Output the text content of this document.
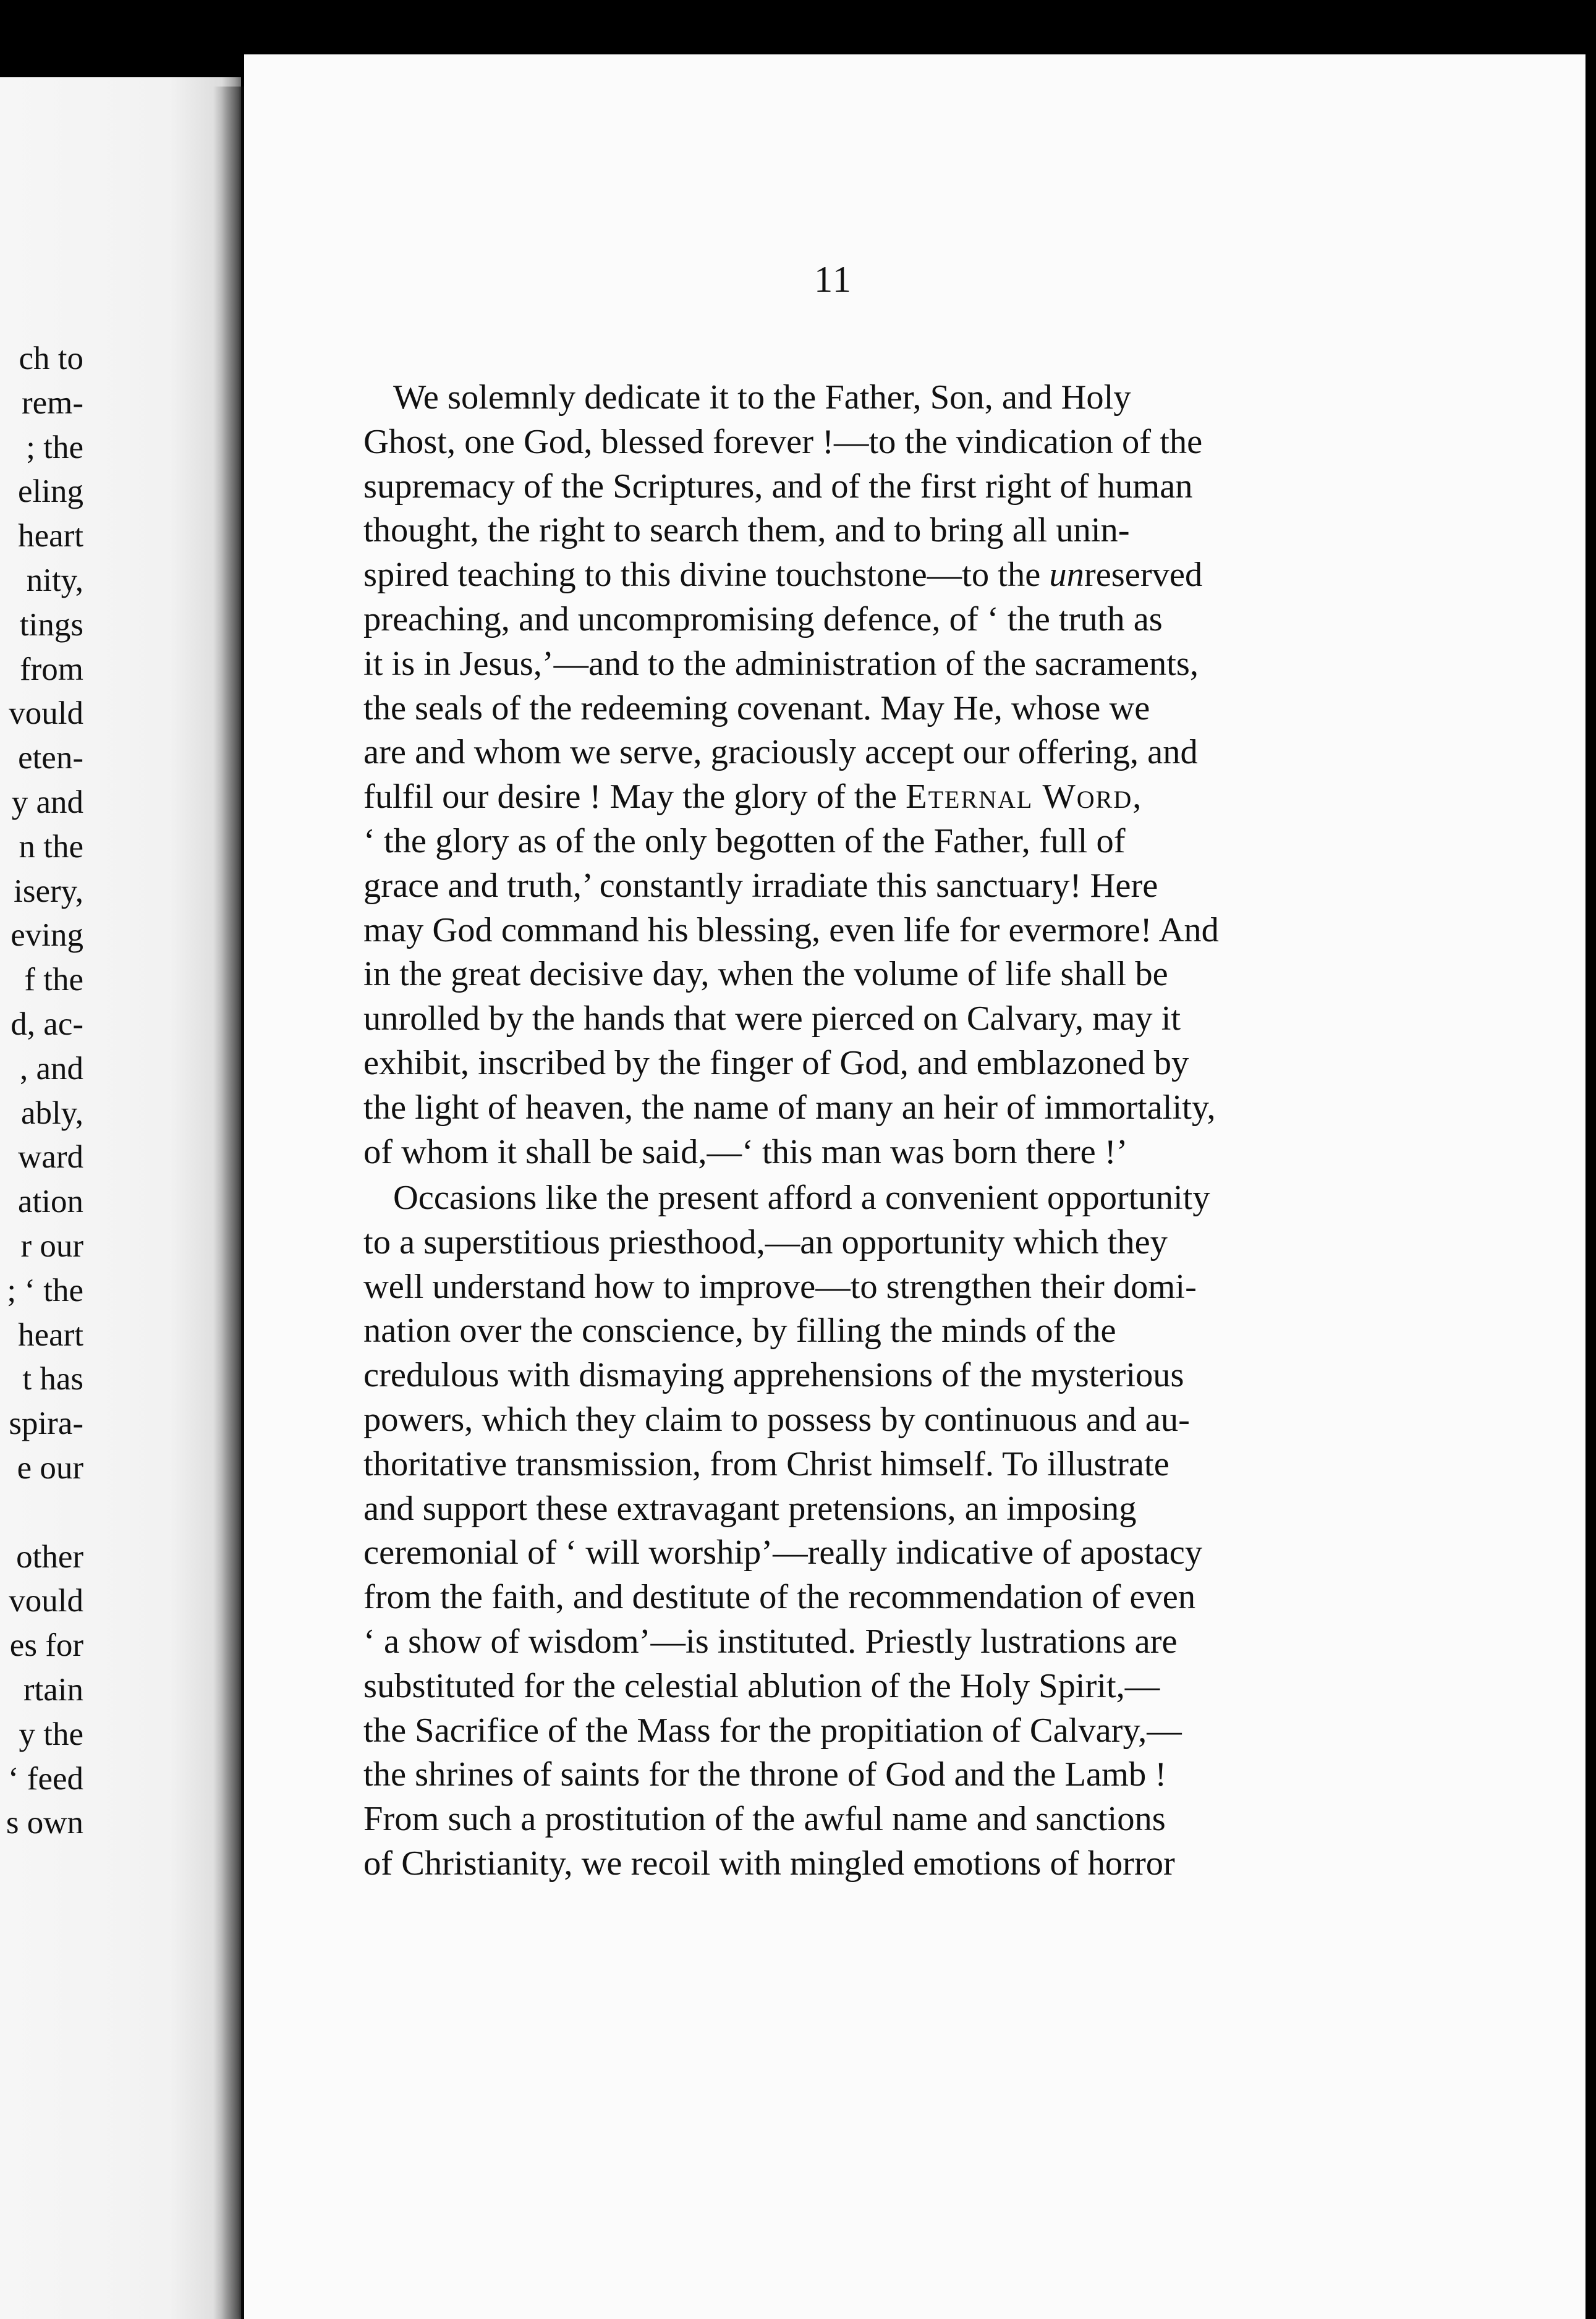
ch to
rem-
; the
eling
heart
nity,
tings
from
vould
eten-
y and
n the
isery,
eving
f the
d, ac-
, and
ably,
ward
ation
r our
; ‘ the
heart
t has
spira-
e our
other
vould
es for
rtain
y the
‘ feed
s own
11
We solemnly dedicate it to the Father, Son, and Holy
Ghost, one God, blessed forever !—to the vindication of the
supremacy of the Scriptures, and of the first right of human
thought, the right to search them, and to bring all unin-
spired teaching to this divine touchstone—to the unreserved
preaching, and uncompromising defence, of ‘ the truth as
it is in Jesus,’—and to the administration of the sacraments,
the seals of the redeeming covenant. May He, whose we
are and whom we serve, graciously accept our offering, and
fulfil our desire ! May the glory of the Eternal Word,
‘ the glory as of the only begotten of the Father, full of
grace and truth,’ constantly irradiate this sanctuary! Here
may God command his blessing, even life for evermore! And
in the great decisive day, when the volume of life shall be
unrolled by the hands that were pierced on Calvary, may it
exhibit, inscribed by the finger of God, and emblazoned by
the light of heaven, the name of many an heir of immortality,
of whom it shall be said,—‘ this man was born there !’
Occasions like the present afford a convenient opportunity
to a superstitious priesthood,—an opportunity which they
well understand how to improve—to strengthen their domi-
nation over the conscience, by filling the minds of the
credulous with dismaying apprehensions of the mysterious
powers, which they claim to possess by continuous and au-
thoritative transmission, from Christ himself. To illustrate
and support these extravagant pretensions, an imposing
ceremonial of ‘ will worship’—really indicative of apostacy
from the faith, and destitute of the recommendation of even
‘ a show of wisdom’—is instituted. Priestly lustrations are
substituted for the celestial ablution of the Holy Spirit,—
the Sacrifice of the Mass for the propitiation of Calvary,—
the shrines of saints for the throne of God and the Lamb !
From such a prostitution of the awful name and sanctions
of Christianity, we recoil with mingled emotions of horror
